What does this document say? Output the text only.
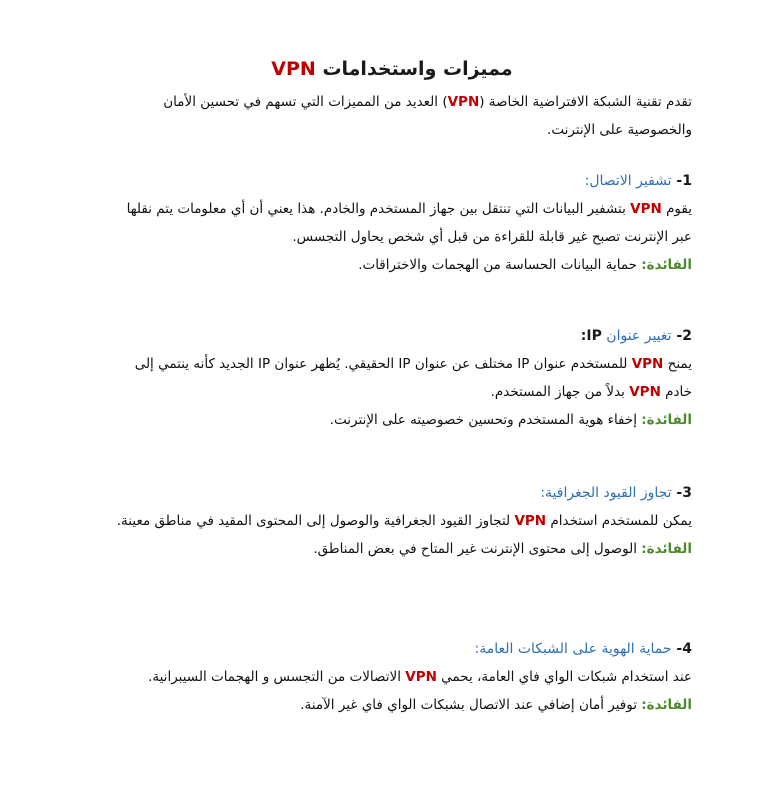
مميزات واستخدامات VPN
تقدم تقنية الشبكة الافتراضية الخاصة (VPN) العديد من المميزات التي تسهم في تحسين الأمان
والخصوصية على الإنترنت.
1- تشفير الاتصال:
يقوم VPN بتشفير البيانات التي تنتقل بين جهاز المستخدم والخادم. هذا يعني أن أي معلومات يتم نقلها
عبر الإنترنت تصبح غير قابلة للقراءة من قبل أي شخص يحاول التجسس.
الفائدة: حماية البيانات الحساسة من الهجمات والاختراقات.
2- تغيير عنوان IP:
يمنح VPN للمستخدم عنوان IP مختلف عن عنوان IP الحقيقي. يُظهر عنوان IP الجديد كأنه ينتمي إلى
خادم VPN بدلاً من جهاز المستخدم.
الفائدة: إخفاء هوية المستخدم وتحسين خصوصيته على الإنترنت.
3- تجاوز القيود الجغرافية:
يمكن للمستخدم استخدام VPN لتجاوز القيود الجغرافية والوصول إلى المحتوى المقيد في مناطق معينة.
الفائدة: الوصول إلى محتوى الإنترنت غير المتاح في بعض المناطق.
4- حماية الهوية على الشبكات العامة:
عند استخدام شبكات الواي فاي العامة، يحمي VPN الاتصالات من التجسس و الهجمات السيبرانية.
الفائدة: توفير أمان إضافي عند الاتصال بشبكات الواي فاي غير الآمنة.
